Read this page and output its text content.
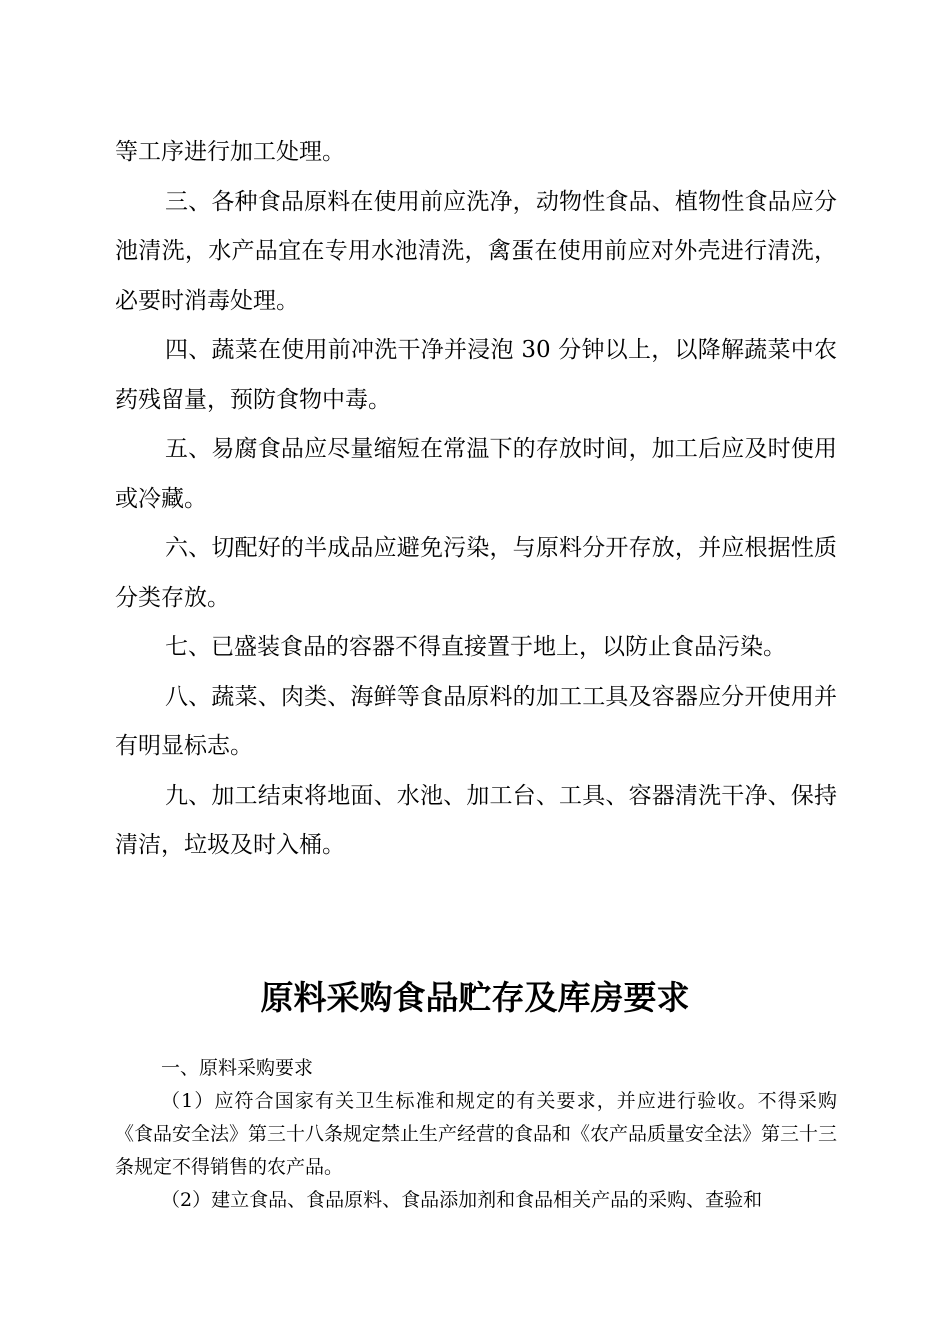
等工序进行加工处理。

三、各种食品原料在使用前应洗净，动物性食品、植物性食品应分池清洗，水产品宜在专用水池清洗，禽蛋在使用前应对外壳进行清洗，必要时消毒处理。

四、蔬菜在使用前冲洗干净并浸泡 30 分钟以上，以降解蔬菜中农药残留量，预防食物中毒。

五、易腐食品应尽量缩短在常温下的存放时间，加工后应及时使用或冷藏。

六、切配好的半成品应避免污染，与原料分开存放，并应根据性质分类存放。

七、已盛装食品的容器不得直接置于地上，以防止食品污染。

八、蔬菜、肉类、海鲜等食品原料的加工工具及容器应分开使用并有明显标志。

九、加工结束将地面、水池、加工台、工具、容器清洗干净、保持清洁，垃圾及时入桶。

原料采购食品贮存及库房要求

一、原料采购要求

（1）应符合国家有关卫生标准和规定的有关要求，并应进行验收。不得采购《食品安全法》第三十八条规定禁止生产经营的食品和《农产品质量安全法》第三十三条规定不得销售的农产品。

（2）建立食品、食品原料、食品添加剂和食品相关产品的采购、查验和
